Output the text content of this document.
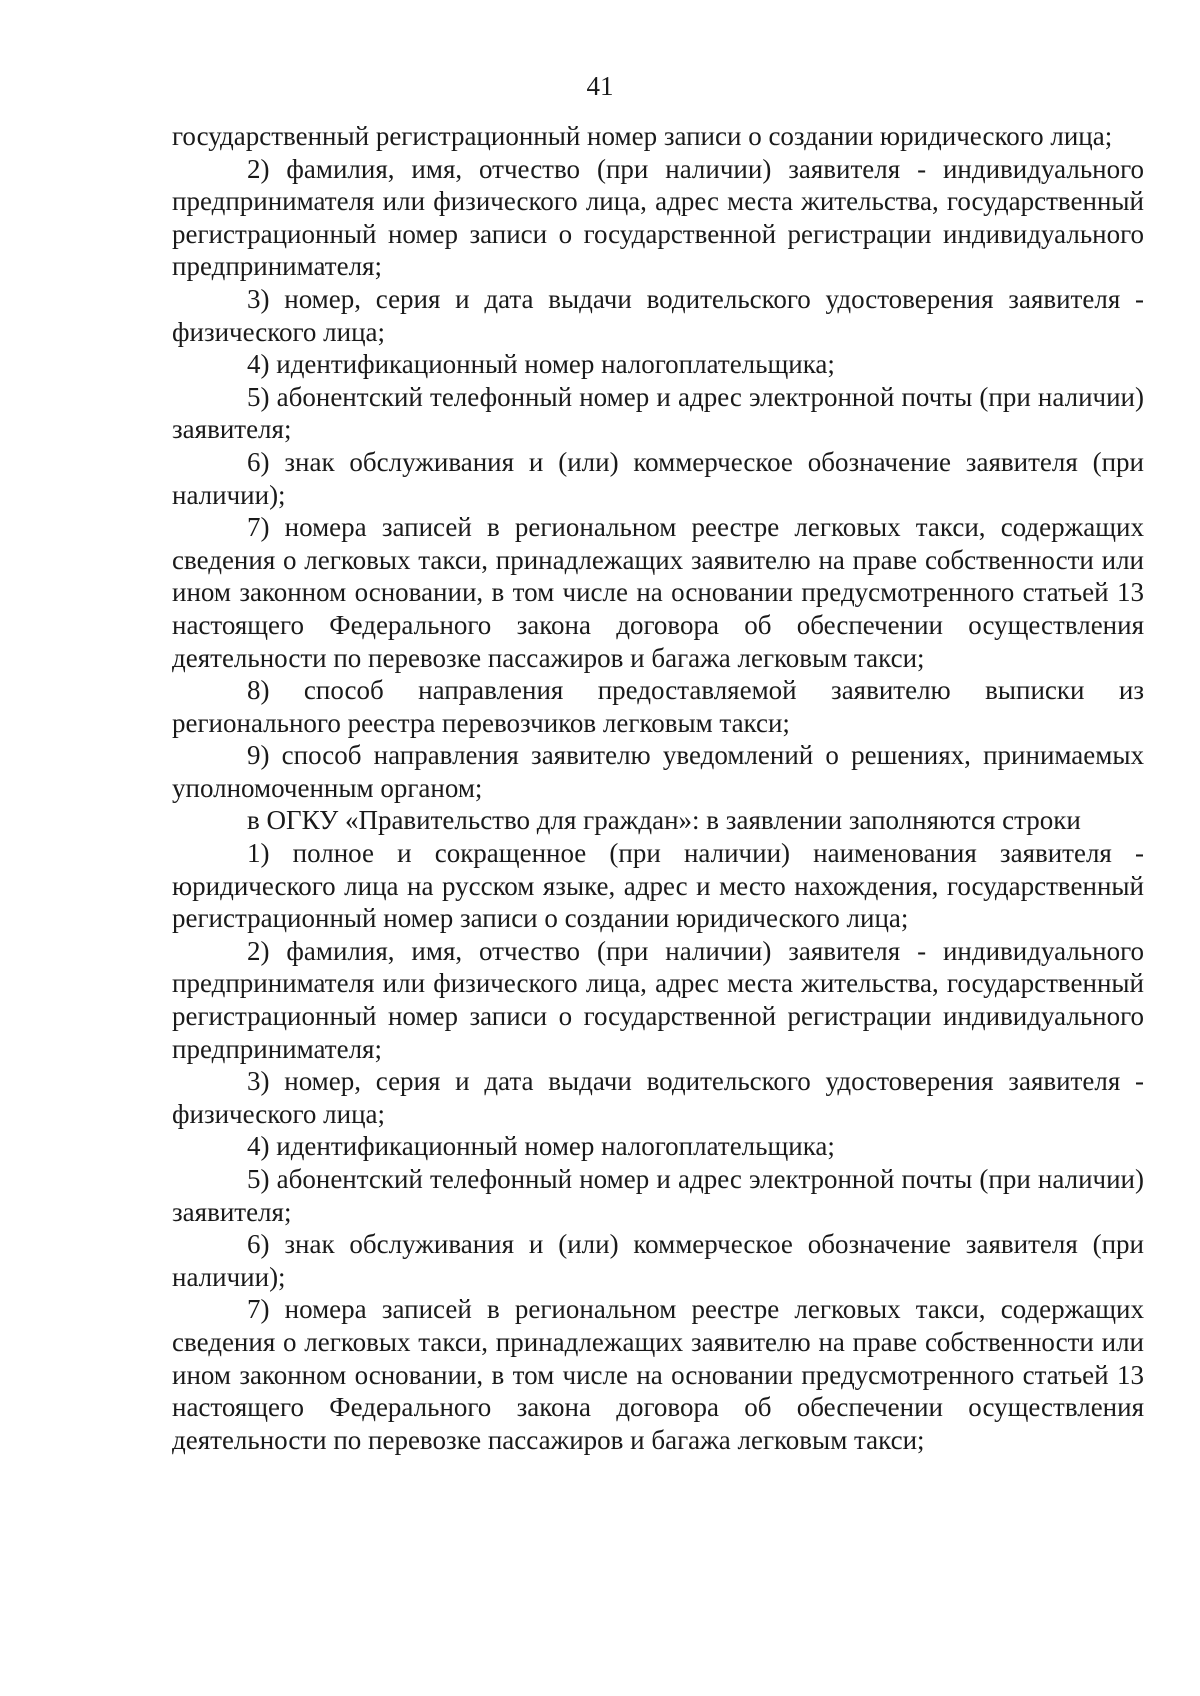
41

государственный регистрационный номер записи о создании юридического лица;

2) фамилия, имя, отчество (при наличии) заявителя - индивидуального предпринимателя или физического лица, адрес места жительства, государственный регистрационный номер записи о государственной регистрации индивидуального предпринимателя;

3) номер, серия и дата выдачи водительского удостоверения заявителя - физического лица;

4) идентификационный номер налогоплательщика;

5) абонентский телефонный номер и адрес электронной почты (при наличии) заявителя;

6) знак обслуживания и (или) коммерческое обозначение заявителя (при наличии);

7) номера записей в региональном реестре легковых такси, содержащих сведения о легковых такси, принадлежащих заявителю на праве собственности или ином законном основании, в том числе на основании предусмотренного статьей 13 настоящего Федерального закона договора об обеспечении осуществления деятельности по перевозке пассажиров и багажа легковым такси;

8) способ направления предоставляемой заявителю выписки из регионального реестра перевозчиков легковым такси;

9) способ направления заявителю уведомлений о решениях, принимаемых уполномоченным органом;

в ОГКУ «Правительство для граждан»: в заявлении заполняются строки

1) полное и сокращенное (при наличии) наименования заявителя - юридического лица на русском языке, адрес и место нахождения, государственный регистрационный номер записи о создании юридического лица;

2) фамилия, имя, отчество (при наличии) заявителя - индивидуального предпринимателя или физического лица, адрес места жительства, государственный регистрационный номер записи о государственной регистрации индивидуального предпринимателя;

3) номер, серия и дата выдачи водительского удостоверения заявителя - физического лица;

4) идентификационный номер налогоплательщика;

5) абонентский телефонный номер и адрес электронной почты (при наличии) заявителя;

6) знак обслуживания и (или) коммерческое обозначение заявителя (при наличии);

7) номера записей в региональном реестре легковых такси, содержащих сведения о легковых такси, принадлежащих заявителю на праве собственности или ином законном основании, в том числе на основании предусмотренного статьей 13 настоящего Федерального закона договора об обеспечении осуществления деятельности по перевозке пассажиров и багажа легковым такси;
